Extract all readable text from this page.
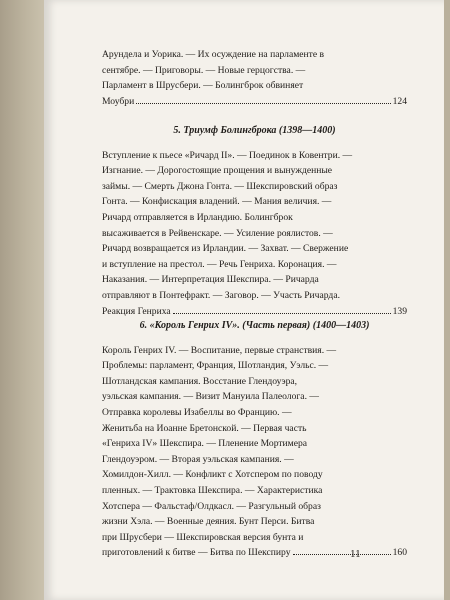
Арундела и Уорика. — Их осуждение на парламенте в
сентябре. — Приговоры. — Новые герцогства. —
Парламент в Шрусбери. — Болингброк обвиняет
Моубри	124
5. Триумф Болингброка (1398—1400)
Вступление к пьесе «Ричард II». — Поединок в Ковентри. —
Изгнание. — Дорогостоящие прощения и вынужденные
займы. — Смерть Джона Гонта. — Шекспировский образ
Гонта. — Конфискация владений. — Мания величия. —
Ричард отправляется в Ирландию. Болингброк
высаживается в Рейвенскаре. — Усиление роялистов. —
Ричард возвращается из Ирландии. — Захват. — Свержение
и вступление на престол. — Речь Генриха. Коронация. —
Наказания. — Интерпретация Шекспира. — Ричарда
отправляют в Понтефракт. — Заговор. — Участь Ричарда.
Реакция Генриха	139
6. «Король Генрих IV». (Часть первая) (1400—1403)
Король Генрих IV. — Воспитание, первые странствия. —
Проблемы: парламент, Франция, Шотландия, Уэльс. —
Шотландская кампания. Восстание Глендоуэра,
уэльская кампания. — Визит Мануила Палеолога. —
Отправка королевы Изабеллы во Францию. —
Женитьба на Иоанне Бретонской. — Первая часть
«Генриха IV» Шекспира. — Пленение Мортимера
Глендоуэром. — Вторая уэльская кампания. —
Хомилдон-Хилл. — Конфликт с Хотспером по поводу
пленных. — Трактовка Шекспира. — Характеристика
Хотспера — Фальстаф/Олдкасл. — Разгульный образ
жизни Хэла. — Военные деяния. Бунт Перси. Битва
при Шрусбери — Шекспировская версия бунта и
приготовлений к битве — Битва по Шекспиру	160
11
